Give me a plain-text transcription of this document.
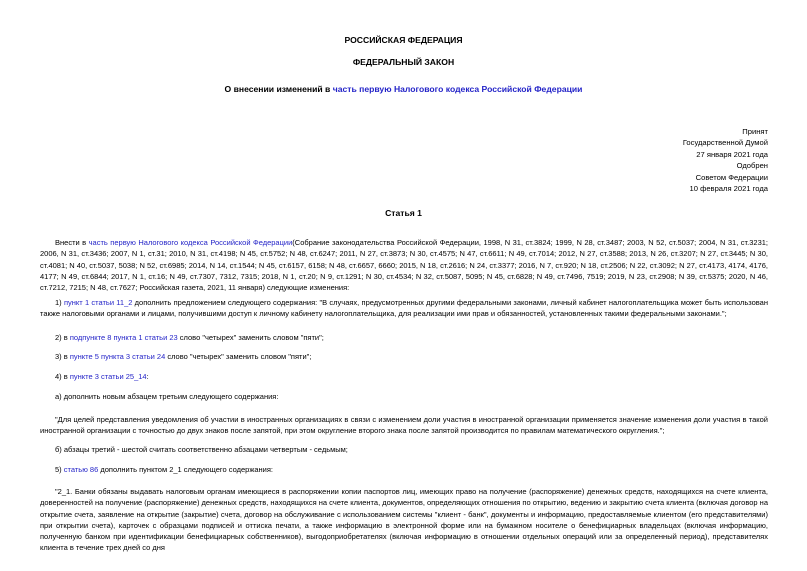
РОССИЙСКАЯ ФЕДЕРАЦИЯ
ФЕДЕРАЛЬНЫЙ ЗАКОН
О внесении изменений в часть первую Налогового кодекса Российской Федерации
Принят
Государственной Думой
27 января 2021 года
Одобрен
Советом Федерации
10 февраля 2021 года
Статья 1
Внести в часть первую Налогового кодекса Российской Федерации(Собрание законодательства Российской Федерации, 1998, N 31, ст.3824; 1999, N 28, ст.3487; 2003, N 52, ст.5037; 2004, N 31, ст.3231; 2006, N 31, ст.3436; 2007, N 1, ст.31; 2010, N 31, ст.4198; N 45, ст.5752; N 48, ст.6247; 2011, N 27, ст.3873; N 30, ст.4575; N 47, ст.6611; N 49, ст.7014; 2012, N 27, ст.3588; 2013, N 26, ст.3207; N 27, ст.3445; N 30, ст.4081; N 40, ст.5037, 5038; N 52, ст.6985; 2014, N 14, ст.1544; N 45, ст.6157, 6158; N 48, ст.6657, 6660; 2015, N 18, ст.2616; N 24, ст.3377; 2016, N 7, ст.920; N 18, ст.2506; N 22, ст.3092; N 27, ст.4173, 4174, 4176, 4177; N 49, ст.6844; 2017, N 1, ст.16; N 49, ст.7307, 7312, 7315; 2018, N 1, ст.20; N 9, ст.1291; N 30, ст.4534; N 32, ст.5087, 5095; N 45, ст.6828; N 49, ст.7496, 7519; 2019, N 23, ст.2908; N 39, ст.5375; 2020, N 46, ст.7212, 7215; N 48, ст.7627; Российская газета, 2021, 11 января) следующие изменения:
1) пункт 1 статьи 11_2 дополнить предложением следующего содержания: "В случаях, предусмотренных другими федеральными законами, личный кабинет налогоплательщика может быть использован также налоговыми органами и лицами, получившими доступ к личному кабинету налогоплательщика, для реализации ими прав и обязанностей, установленных такими федеральными законами.";
2) в подпункте 8 пункта 1 статьи 23 слово "четырех" заменить словом "пяти";
3) в пункте 5 пункта 3 статьи 24 слово "четырех" заменить словом "пяти";
4) в пункте 3 статьи 25_14:
а) дополнить новым абзацем третьим следующего содержания:
"Для целей представления уведомления об участии в иностранных организациях в связи с изменением доли участия в иностранной организации применяется значение изменения доли участия в такой иностранной организации с точностью до двух знаков после запятой, при этом округление второго знака после запятой производится по правилам математического округления.";
б) абзацы третий - шестой считать соответственно абзацами четвертым - седьмым;
5) статью 86 дополнить пунктом 2_1 следующего содержания:
"2_1. Банки обязаны выдавать налоговым органам имеющиеся в распоряжении копии паспортов лиц, имеющих право на получение (распоряжение) денежных средств, находящихся на счете клиента, доверенностей на получение (распоряжение) денежных средств, находящихся на счете клиента, документов, определяющих отношения по открытию, ведению и закрытию счета клиента (включая договор на открытие счета, заявление на открытие (закрытие) счета, договор на обслуживание с использованием системы "клиент - банк", документы и информацию, предоставляемые клиентом (его представителями) при открытии счета), карточек с образцами подписей и оттиска печати, а также информацию в электронной форме или на бумажном носителе о бенефициарных владельцах (включая информацию, полученную банком при идентификации бенефициарных собственников), выгодоприобретателях (включая информацию в отношении отдельных операций или за определенный период), представителях клиента в течение трех дней со дня
